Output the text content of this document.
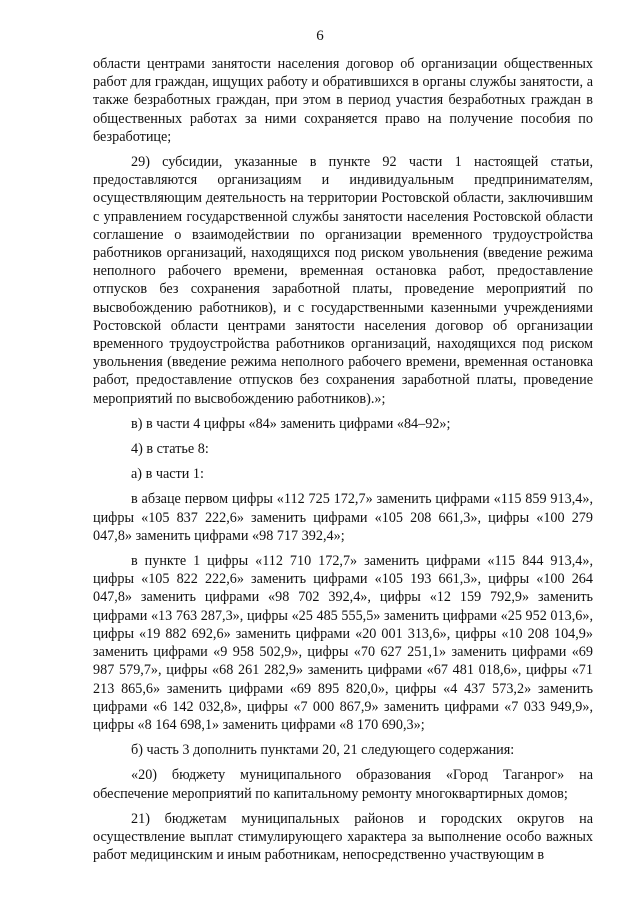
6

области центрами занятости населения договор об организации общественных работ для граждан, ищущих работу и обратившихся в органы службы занятости, а также безработных граждан, при этом в период участия безработных граждан в общественных работах за ними сохраняется право на получение пособия по безработице;

29) субсидии, указанные в пункте 92 части 1 настоящей статьи, предоставляются организациям и индивидуальным предпринимателям, осуществляющим деятельность на территории Ростовской области, заключившим с управлением государственной службы занятости населения Ростовской области соглашение о взаимодействии по организации временного трудоустройства работников организаций, находящихся под риском увольнения (введение режима неполного рабочего времени, временная остановка работ, предоставление отпусков без сохранения заработной платы, проведение мероприятий по высвобождению работников), и с государственными казенными учреждениями Ростовской области центрами занятости населения договор об организации временного трудоустройства работников организаций, находящихся под риском увольнения (введение режима неполного рабочего времени, временная остановка работ, предоставление отпусков без сохранения заработной платы, проведение мероприятий по высвобождению работников).»;

в) в части 4 цифры «84» заменить цифрами «84–92»;

4) в статье 8:

а) в части 1:

в абзаце первом цифры «112 725 172,7» заменить цифрами «115 859 913,4», цифры «105 837 222,6» заменить цифрами «105 208 661,3», цифры «100 279 047,8» заменить цифрами «98 717 392,4»;

в пункте 1 цифры «112 710 172,7» заменить цифрами «115 844 913,4», цифры «105 822 222,6» заменить цифрами «105 193 661,3», цифры «100 264 047,8» заменить цифрами «98 702 392,4», цифры «12 159 792,9» заменить цифрами «13 763 287,3», цифры «25 485 555,5» заменить цифрами «25 952 013,6», цифры «19 882 692,6» заменить цифрами «20 001 313,6», цифры «10 208 104,9» заменить цифрами «9 958 502,9», цифры «70 627 251,1» заменить цифрами «69 987 579,7», цифры «68 261 282,9» заменить цифрами «67 481 018,6», цифры «71 213 865,6» заменить цифрами «69 895 820,0», цифры «4 437 573,2» заменить цифрами «6 142 032,8», цифры «7 000 867,9» заменить цифрами «7 033 949,9», цифры «8 164 698,1» заменить цифрами «8 170 690,3»;

б) часть 3 дополнить пунктами 20, 21 следующего содержания:

«20) бюджету муниципального образования «Город Таганрог» на обеспечение мероприятий по капитальному ремонту многоквартирных домов;

21) бюджетам муниципальных районов и городских округов на осуществление выплат стимулирующего характера за выполнение особо важных работ медицинским и иным работникам, непосредственно участвующим в
